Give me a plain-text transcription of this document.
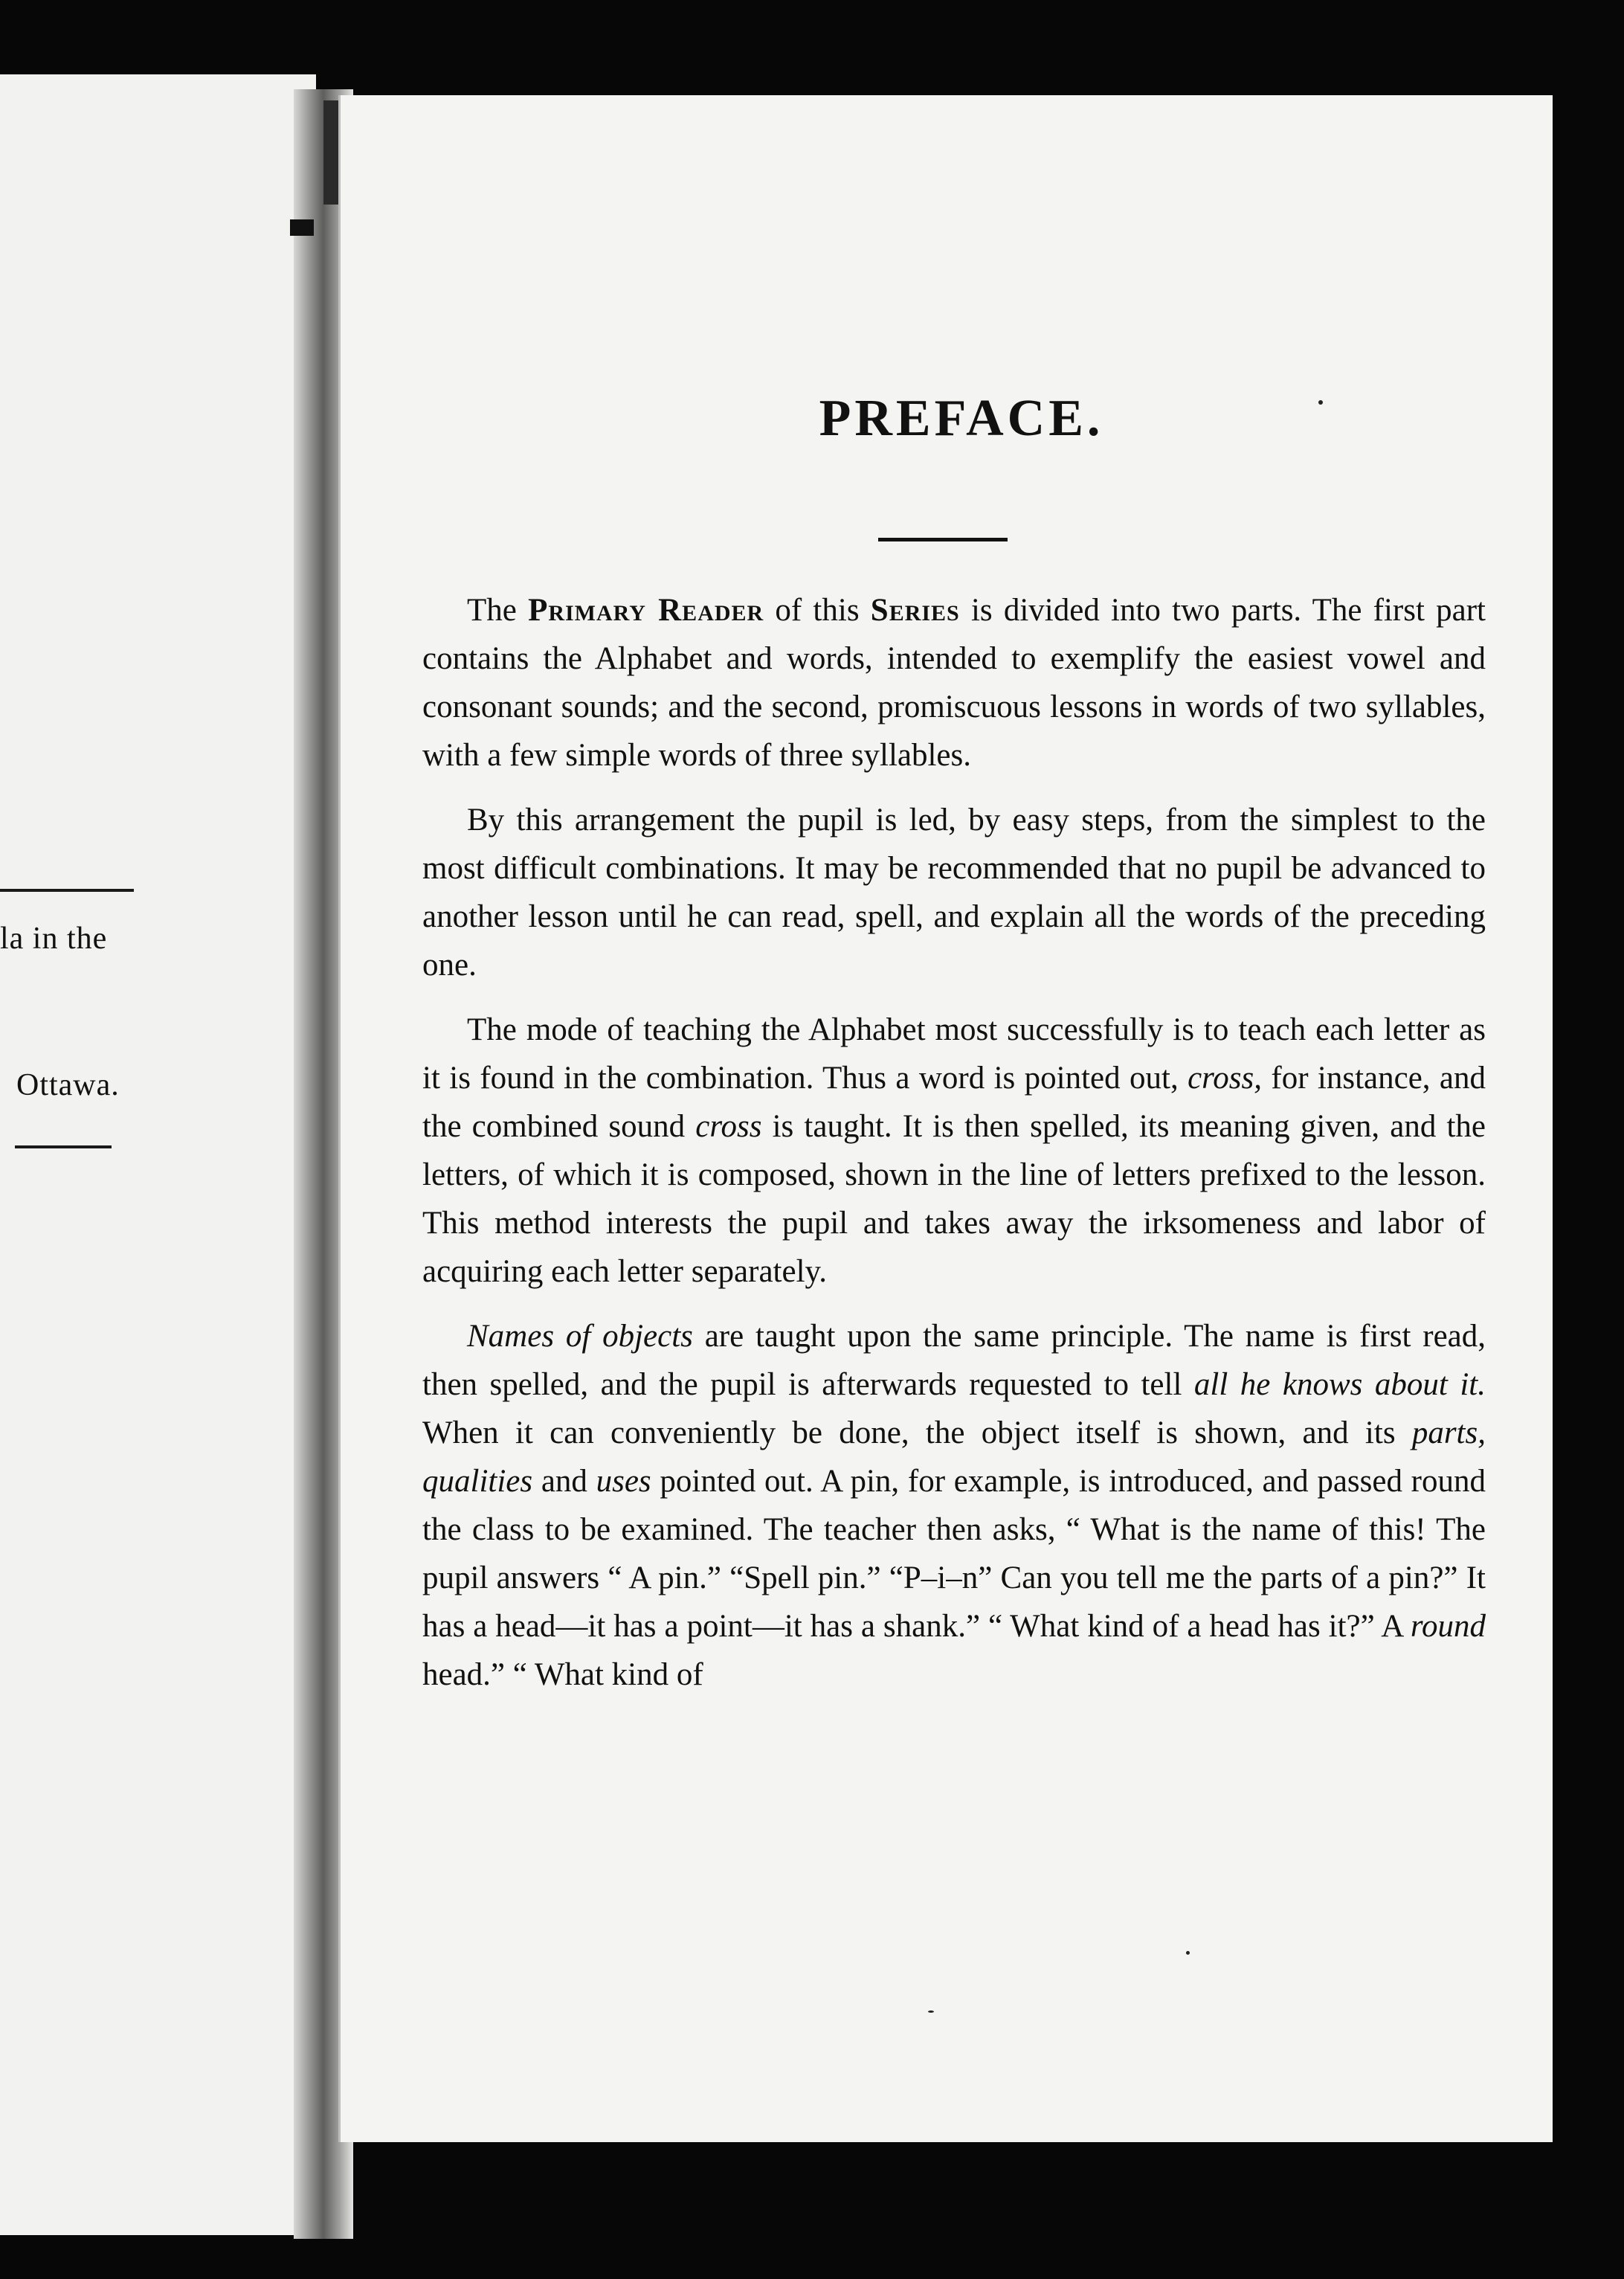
la in the
Ottawa.
PREFACE.

The Primary Reader of this Series is divided into two parts. The first part contains the Alphabet and words, intended to exemplify the easiest vowel and consonant sounds; and the second, promiscuous lessons in words of two syllables, with a few simple words of three syllables.

By this arrangement the pupil is led, by easy steps, from the simplest to the most difficult combinations. It may be recommended that no pupil be advanced to another lesson until he can read, spell, and explain all the words of the preceding one.

The mode of teaching the Alphabet most successfully is to teach each letter as it is found in the combination. Thus a word is pointed out, cross, for instance, and the combined sound cross is taught. It is then spelled, its meaning given, and the letters, of which it is composed, shown in the line of letters prefixed to the lesson. This method interests the pupil and takes away the irksomeness and labor of acquiring each letter separately.

Names of objects are taught upon the same principle. The name is first read, then spelled, and the pupil is afterwards requested to tell all he knows about it. When it can conveniently be done, the object itself is shown, and its parts, qualities and uses pointed out. A pin, for example, is introduced, and passed round the class to be examined. The teacher then asks, “ What is the name of this! The pupil answers “ A pin.” “Spell pin.” “P–i–n” Can you tell me the parts of a pin?” It has a head—it has a point—it has a shank.” “ What kind of a head has it?” A round head.” “ What kind of
